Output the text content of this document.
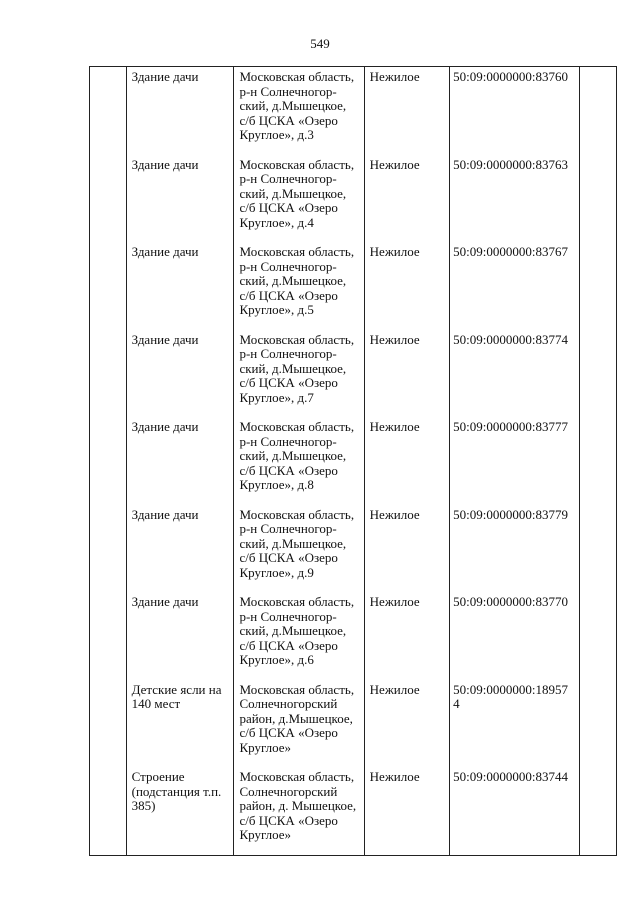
549

	Здание дачи	Московская область,
р-н Солнечногор-
ский, д.Мышецкое,
с/б ЦСКА «Озеро
Круглое», д.3	Нежилое	50:09:0000000:83760	

	Здание дачи	Московская область,
р-н Солнечногор-
ский, д.Мышецкое,
с/б ЦСКА «Озеро
Круглое», д.4	Нежилое	50:09:0000000:83763	

	Здание дачи	Московская область,
р-н Солнечногор-
ский, д.Мышецкое,
с/б ЦСКА «Озеро
Круглое», д.5	Нежилое	50:09:0000000:83767	

	Здание дачи	Московская область,
р-н Солнечногор-
ский, д.Мышецкое,
с/б ЦСКА «Озеро
Круглое», д.7	Нежилое	50:09:0000000:83774	

	Здание дачи	Московская область,
р-н Солнечногор-
ский, д.Мышецкое,
с/б ЦСКА «Озеро
Круглое», д.8	Нежилое	50:09:0000000:83777	

	Здание дачи	Московская область,
р-н Солнечногор-
ский, д.Мышецкое,
с/б ЦСКА «Озеро
Круглое», д.9	Нежилое	50:09:0000000:83779	

	Здание дачи	Московская область,
р-н Солнечногор-
ский, д.Мышецкое,
с/б ЦСКА «Озеро
Круглое», д.6	Нежилое	50:09:0000000:83770	

	Детские ясли на
140 мест	Московская область,
Солнечногорский
район, д.Мышецкое,
с/б ЦСКА «Озеро
Круглое»	Нежилое	50:09:0000000:18957
4	

	Строение
(подстанция т.п.
385)	Московская область,
Солнечногорский
район, д. Мышецкое,
с/б ЦСКА «Озеро
Круглое»	Нежилое	50:09:0000000:83744	
